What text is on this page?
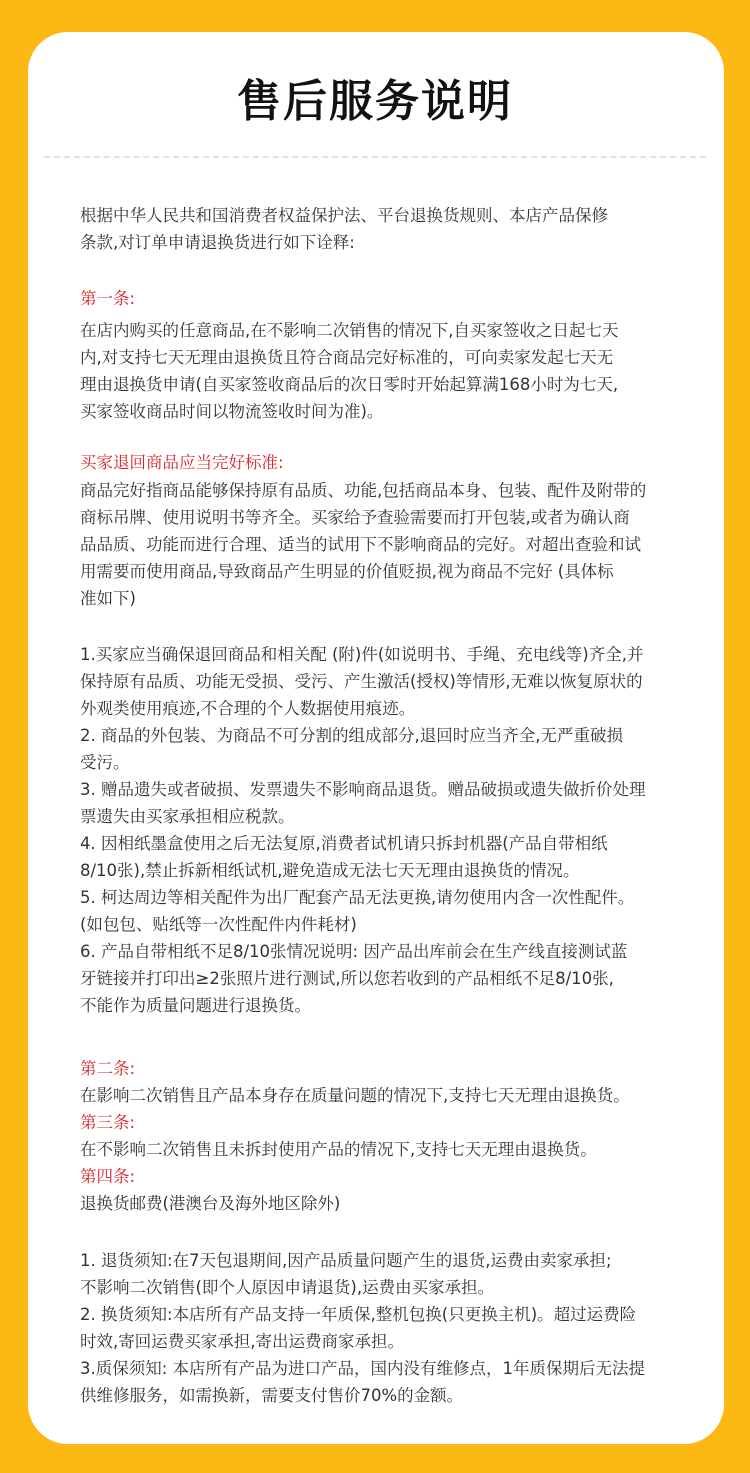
售后服务说明
根据中华人民共和国消费者权益保护法、平台退换货规则、本店产品保修
条款,对订单申请退换货进行如下诠释:
第一条:
在店内购买的任意商品,在不影响二次销售的情况下,自买家签收之日起七天
内,对支持七天无理由退换货且符合商品完好标准的，可向卖家发起七天无
理由退换货申请(自买家签收商品后的次日零时开始起算满168小时为七天,
买家签收商品时间以物流签收时间为准)。
买家退回商品应当完好标准:
商品完好指商品能够保持原有品质、功能,包括商品本身、包装、配件及附带的
商标吊牌、使用说明书等齐全。买家给予查验需要而打开包装,或者为确认商
品品质、功能而进行合理、适当的试用下不影响商品的完好。对超出查验和试
用需要而使用商品,导致商品产生明显的价值贬损,视为商品不完好 (具体标
准如下)
1.买家应当确保退回商品和相关配 (附)件(如说明书、手绳、充电线等)齐全,并
保持原有品质、功能无受损、受污、产生激活(授权)等情形,无难以恢复原状的
外观类使用痕迹,不合理的个人数据使用痕迹。
2. 商品的外包装、为商品不可分割的组成部分,退回时应当齐全,无严重破损
受污。
3. 赠品遗失或者破损、发票遗失不影响商品退货。赠品破损或遗失做折价处理
票遗失由买家承担相应税款。
4. 因相纸墨盒使用之后无法复原,消费者试机请只拆封机器(产品自带相纸
8/10张),禁止拆新相纸试机,避免造成无法七天无理由退换货的情况。
5. 柯达周边等相关配件为出厂配套产品无法更换,请勿使用内含一次性配件。
(如包包、贴纸等一次性配件内件耗材)
6. 产品自带相纸不足8/10张情况说明: 因产品出库前会在生产线直接测试蓝
牙链接并打印出≥2张照片进行测试,所以您若收到的产品相纸不足8/10张,
不能作为质量问题进行退换货。
第二条:
在影响二次销售且产品本身存在质量问题的情况下,支持七天无理由退换货。
第三条:
在不影响二次销售且未拆封使用产品的情况下,支持七天无理由退换货。
第四条:
退换货邮费(港澳台及海外地区除外)
1. 退货须知:在7天包退期间,因产品质量问题产生的退货,运费由卖家承担;
不影响二次销售(即个人原因申请退货),运费由买家承担。
2. 换货须知:本店所有产品支持一年质保,整机包换(只更换主机)。超过运费险
时效,寄回运费买家承担,寄出运费商家承担。
3.质保须知: 本店所有产品为进口产品，国内没有维修点，1年质保期后无法提
供维修服务，如需换新，需要支付售价70%的金额。
